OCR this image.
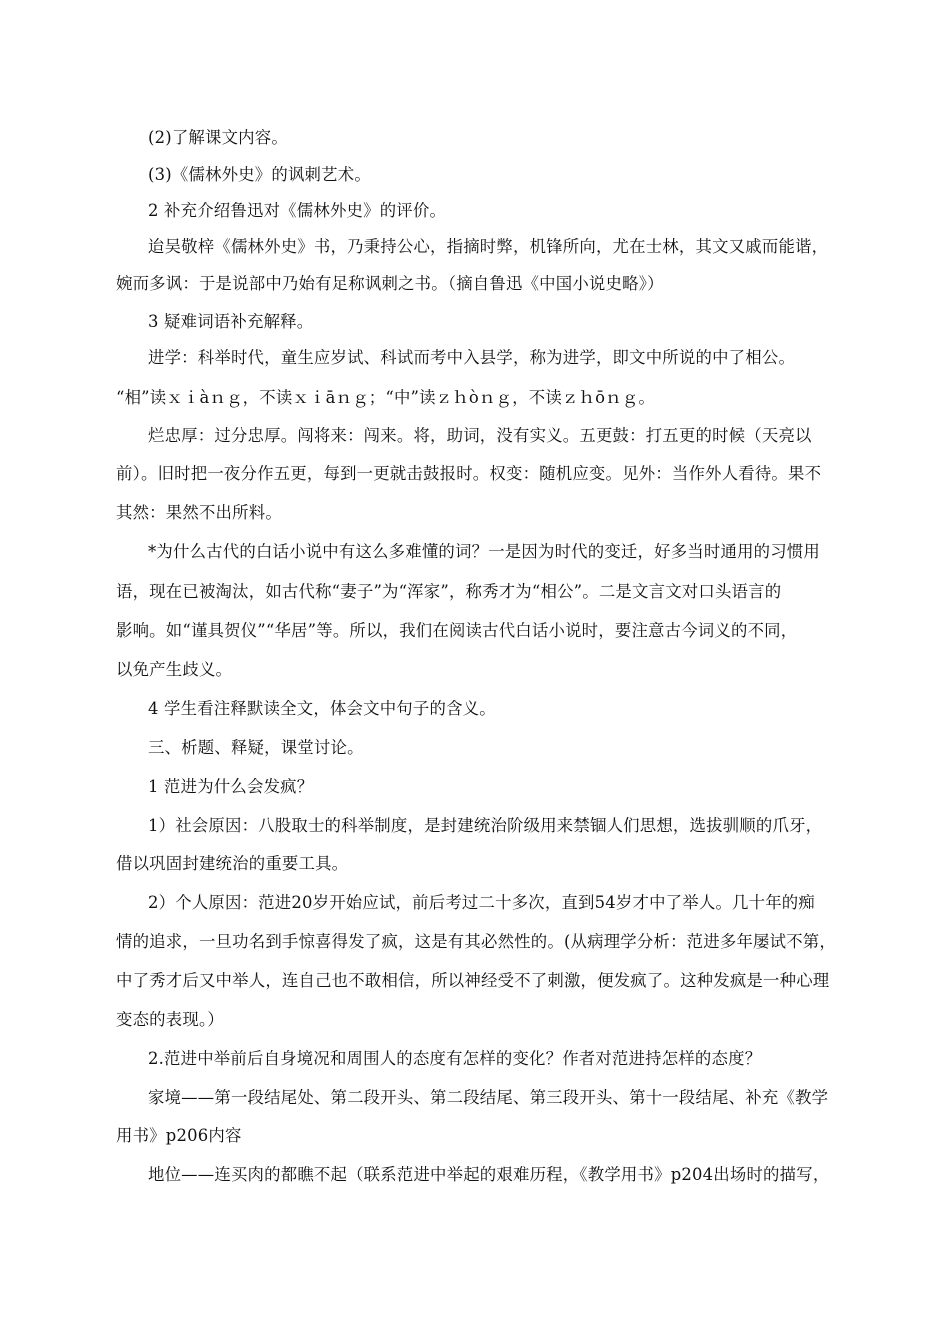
(2)了解课文内容。
(3)《儒林外史》的讽刺艺术。
2 补充介绍鲁迅对《儒林外史》的评价。
迨吴敬梓《儒林外史》书，乃秉持公心，指摘时弊，机锋所向，尤在士林，其文又戚而能谐，
婉而多讽：于是说部中乃始有足称讽刺之书。（摘自鲁迅《中国小说史略》）
3 疑难词语补充解释。
进学：科举时代，童生应岁试、科试而考中入县学，称为进学，即文中所说的中了相公。
“相”读ｘｉàｎｇ，不读ｘｉāｎｇ；“中”读ｚｈòｎｇ，不读ｚｈōｎｇ。
烂忠厚：过分忠厚。闯将来：闯来。将，助词，没有实义。五更鼓：打五更的时候（天亮以
前）。旧时把一夜分作五更，每到一更就击鼓报时。权变：随机应变。见外：当作外人看待。果不
其然：果然不出所料。
*为什么古代的白话小说中有这么多难懂的词？一是因为时代的变迁，好多当时通用的习惯用
语，现在已被淘汰，如古代称“妻子”为“浑家”，称秀才为“相公”。二是文言文对口头语言的
影响。如“谨具贺仪”“华居”等。所以，我们在阅读古代白话小说时，要注意古今词义的不同，
以免产生歧义。
4 学生看注释默读全文，体会文中句子的含义。
三、析题、释疑，课堂讨论。
1 范进为什么会发疯？
1）社会原因：八股取士的科举制度，是封建统治阶级用来禁锢人们思想，选拔驯顺的爪牙，
借以巩固封建统治的重要工具。
2）个人原因：范进20岁开始应试，前后考过二十多次，直到54岁才中了举人。几十年的痴
情的追求，一旦功名到手惊喜得发了疯，这是有其必然性的。(从病理学分析：范进多年屡试不第，
中了秀才后又中举人，连自己也不敢相信，所以神经受不了刺激，便发疯了。这种发疯是一种心理
变态的表现。）
2.范进中举前后自身境况和周围人的态度有怎样的变化？作者对范进持怎样的态度？
家境——第一段结尾处、第二段开头、第二段结尾、第三段开头、第十一段结尾、补充《教学
用书》p206内容
地位——连买肉的都瞧不起（联系范进中举起的艰难历程，《教学用书》p204出场时的描写，
